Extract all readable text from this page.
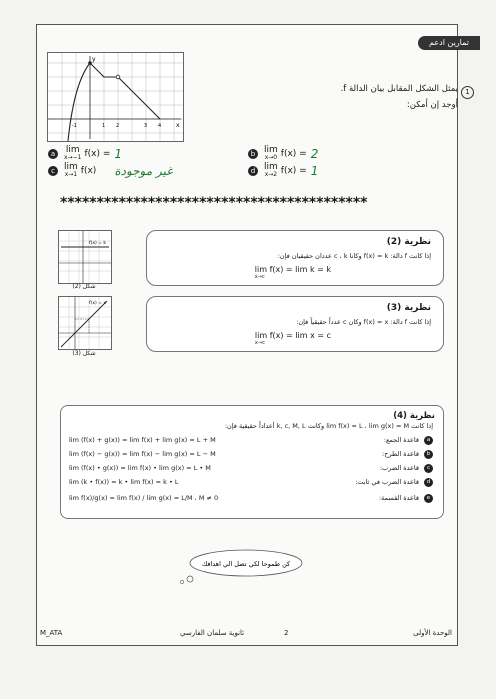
تمارين ادعم
y
x
-1	1 2	3 4
1
يمثل الشكل المقابل بيان الدالة f.
أوجد إن أمكن:
a	lim
x→−1 f(x) = 1	b lim
x→0 f(x) = 2
c	lim
x→1 f(x) غير موجودة	d lim
x→2 f(x) = 1
******************************************
f(x) = k
شكل (2)
نظرية (2)
إذا كانت f دالة: f(x) = k وكانا c ، k عددان حقيقيان فإن:
lim f(x) = lim k = k
x→c
f(x) = x
شكل (3)
نظرية (3)
إذا كانت f دالة: f(x) = x وكان c عدداً حقيقياً فإن:
lim f(x) = lim x = c
x→c
نظرية (4)
إذا كانت lim f(x) = L ، lim g(x) = M وكانت k, c, M, L أعداداً حقيقية فإن:
lim (f(x) + g(x)) = lim f(x) + lim g(x) = L + M	قاعدة الجمع:	a
lim (f(x) − g(x)) = lim f(x) − lim g(x) = L − M	قاعدة الطرح:	b
lim (f(x) • g(x)) = lim f(x) • lim g(x) = L • M	قاعدة الضرب:	c
lim (k • f(x)) = k • lim f(x) = k • L	قاعدة الضرب في ثابت:	d
lim f(x)/g(x) = lim f(x) / lim g(x) = L/M ، M ≠ 0	قاعدة القسمة:	e
كن طموحا لكي تصل الي اهدافك
M_ATA	ثانوية سلمان الفارسي	2	الوحدة الأولى
